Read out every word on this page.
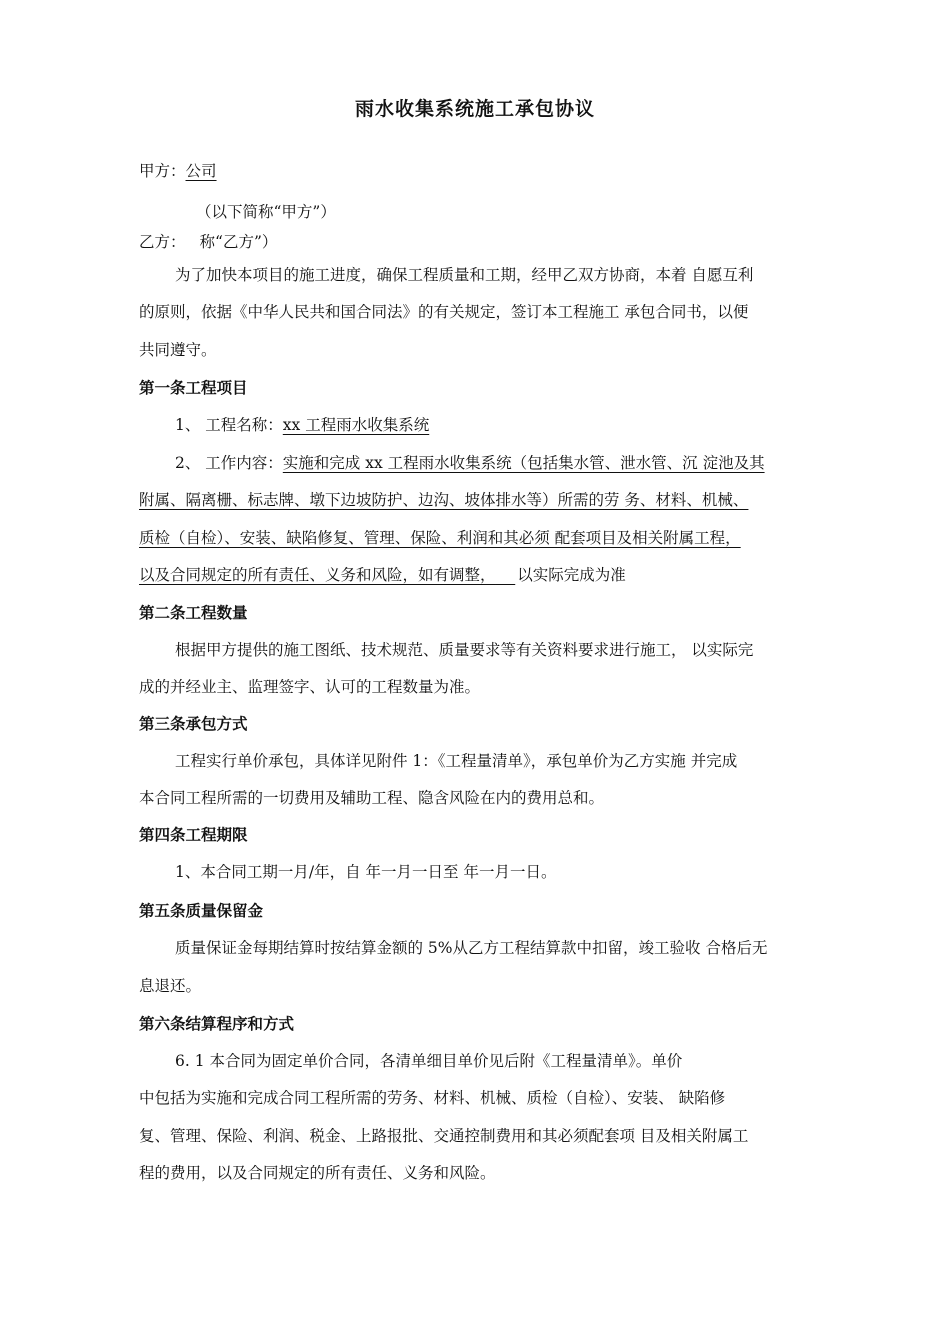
雨水收集系统施工承包协议
甲方：公司
（以下简称“甲方”）
乙方： 称“乙方”）
为了加快本项目的施工进度，确保工程质量和工期，经甲乙双方协商，本着 自愿互利
的原则，依据《中华人民共和国合同法》的有关规定，签订本工程施工 承包合同书，以便
共同遵守。
第一条工程项目
1、 工程名称：xx 工程雨水收集系统
2、 工作内容：实施和完成 xx 工程雨水收集系统（包括集水管、泄水管、沉 淀池及其
附属、隔离栅、标志牌、墩下边坡防护、边沟、坡体排水等）所需的劳 务、材料、机械、
质检（自检）、安装、缺陷修复、管理、保险、利润和其必须 配套项目及相关附属工程，
以及合同规定的所有责任、义务和风险，如有调整， 以实际完成为准
第二条工程数量
根据甲方提供的施工图纸、技术规范、质量要求等有关资料要求进行施工， 以实际完
成的并经业主、监理签字、认可的工程数量为准。
第三条承包方式
工程实行单价承包，具体详见附件 1：《工程量清单》，承包单价为乙方实施 并完成
本合同工程所需的一切费用及辅助工程、隐含风险在内的费用总和。
第四条工程期限
1、本合同工期一月/年，自 年一月一日至 年一月一日。
第五条质量保留金
质量保证金每期结算时按结算金额的 5%从乙方工程结算款中扣留，竣工验收 合格后无
息退还。
第六条结算程序和方式
6. 1 本合同为固定单价合同，各清单细目单价见后附《工程量清单》。单价
中包括为实施和完成合同工程所需的劳务、材料、机械、质检（自检）、安装、 缺陷修
复、管理、保险、利润、税金、上路报批、交通控制费用和其必须配套项 目及相关附属工
程的费用，以及合同规定的所有责任、义务和风险。
